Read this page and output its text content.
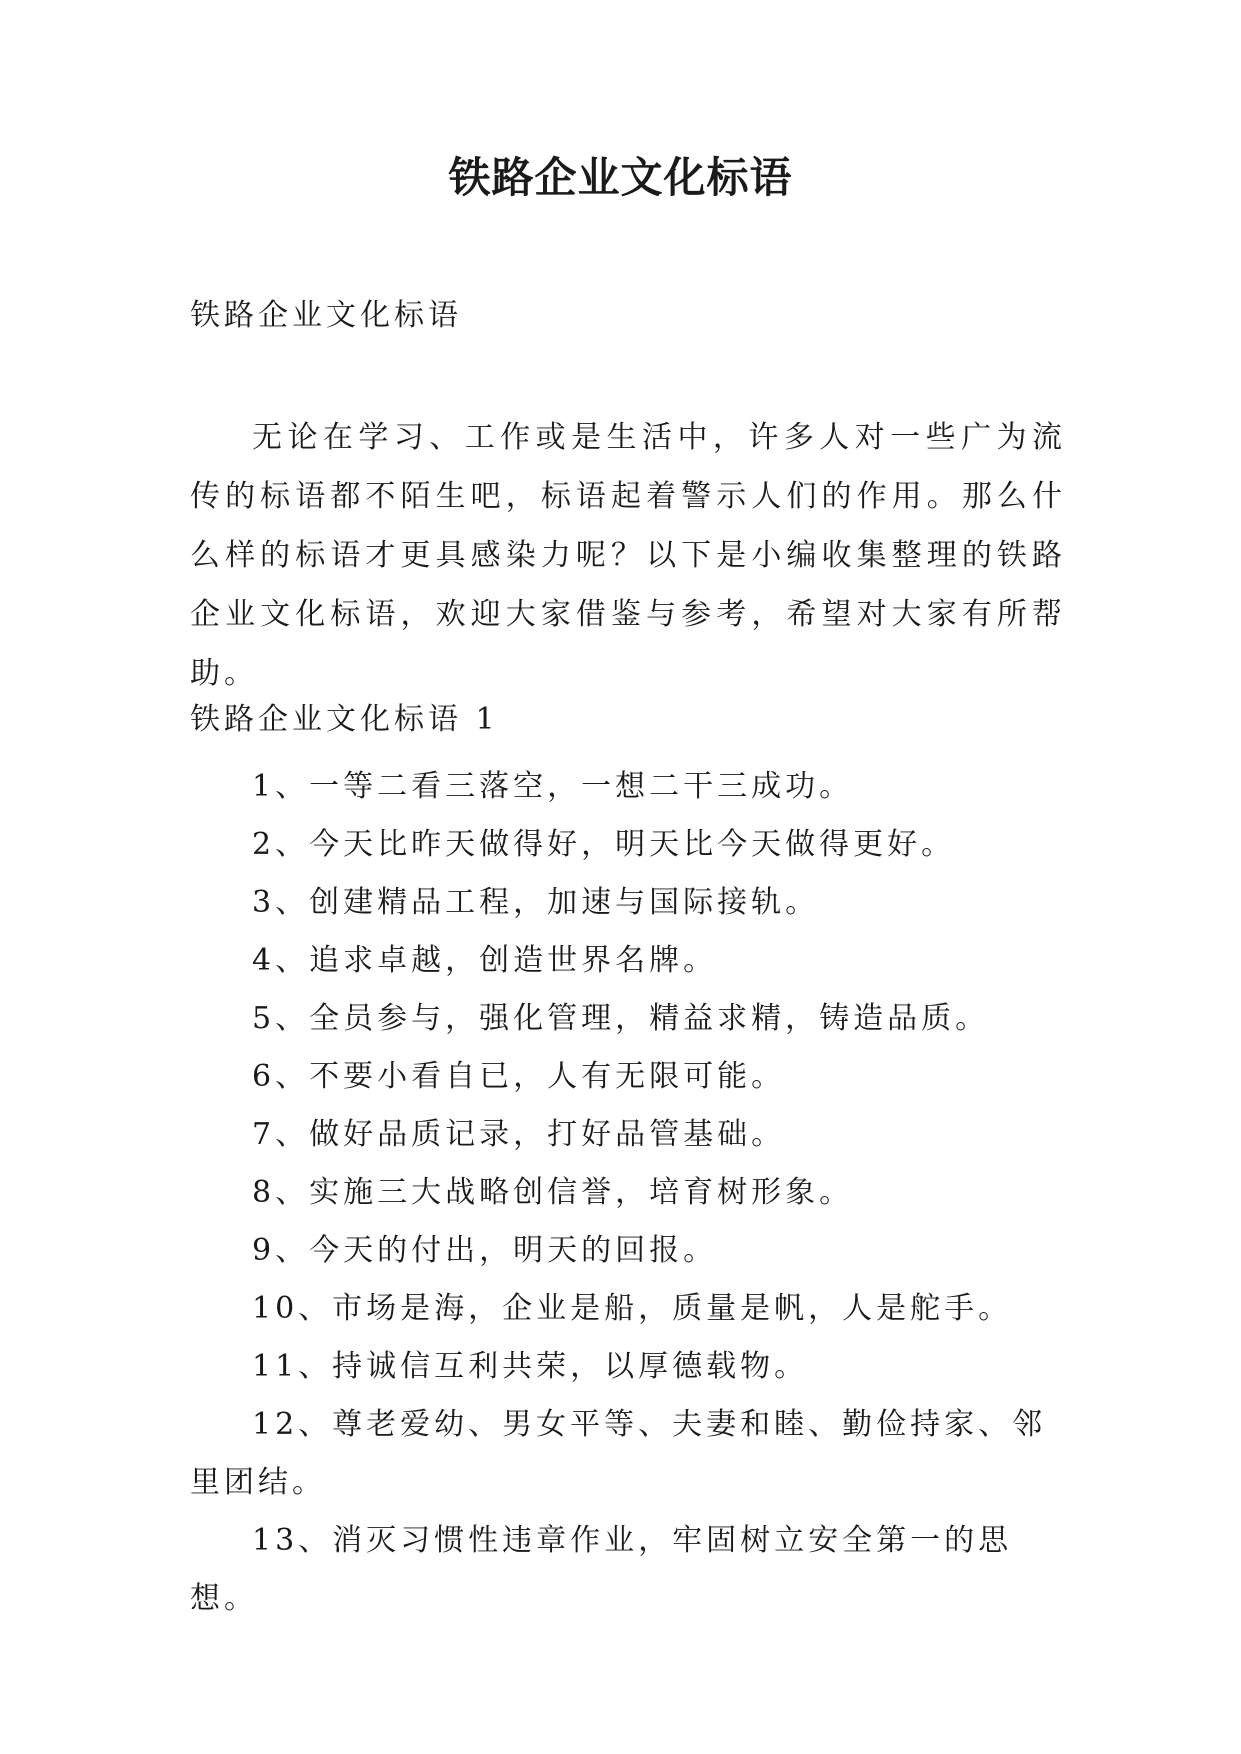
铁路企业文化标语

铁路企业文化标语

无论在学习、工作或是生活中，许多人对一些广为流传的标语都不陌生吧，标语起着警示人们的作用。那么什么样的标语才更具感染力呢？以下是小编收集整理的铁路企业文化标语，欢迎大家借鉴与参考，希望对大家有所帮助。

铁路企业文化标语 1

1、一等二看三落空，一想二干三成功。
2、今天比昨天做得好，明天比今天做得更好。
3、创建精品工程，加速与国际接轨。
4、追求卓越，创造世界名牌。
5、全员参与，强化管理，精益求精，铸造品质。
6、不要小看自已，人有无限可能。
7、做好品质记录，打好品管基础。
8、实施三大战略创信誉，培育树形象。
9、今天的付出，明天的回报。
10、市场是海，企业是船，质量是帆，人是舵手。
11、持诚信互利共荣，以厚德载物。
12、尊老爱幼、男女平等、夫妻和睦、勤俭持家、邻里团结。
13、消灭习惯性违章作业，牢固树立安全第一的思想。
